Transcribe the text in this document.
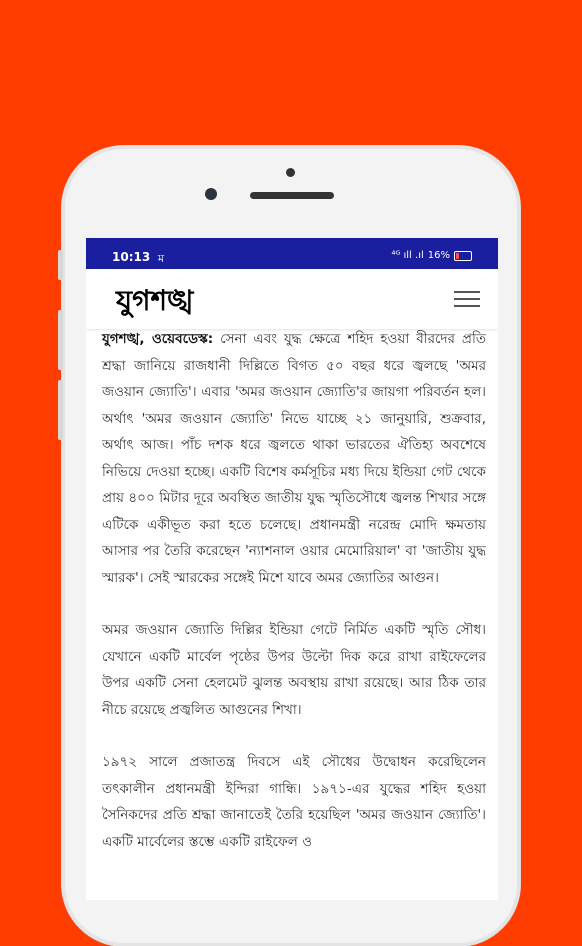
10:13 ম	⁴ᴳ ıll .ıl 16%
যুগশঙ্খ

যুগশঙ্খ, ওয়েবডেস্ক: সেনা এবং যুদ্ধ ক্ষেত্রে শহিদ হওয়া বীরদের প্রতি শ্রদ্ধা জানিয়ে রাজধানী দিল্লিতে বিগত ৫০ বছর ধরে জ্বলছে 'অমর জওয়ান জ্যোতি'। এবার 'অমর জওয়ান জ্যোতি'র জায়গা পরিবর্তন হল। অর্থাৎ 'অমর জওয়ান জ্যোতি' নিভে যাচ্ছে ২১ জানুয়ারি, শুক্রবার, অর্থাৎ আজ। পাঁচ দশক ধরে জ্বলতে থাকা ভারতের ঐতিহ্য অবশেষে নিভিয়ে দেওয়া হচ্ছে। একটি বিশেষ কর্মসূচির মধ্য দিয়ে ইন্ডিয়া গেট থেকে প্রায় ৪০০ মিটার দূরে অবস্থিত জাতীয় যুদ্ধ স্মৃতিসৌধে জ্বলন্ত শিখার সঙ্গে এটিকে একীভূত করা হতে চলেছে। প্রধানমন্ত্রী নরেন্দ্র মোদি ক্ষমতায় আসার পর তৈরি করেছেন 'ন্যাশনাল ওয়ার মেমোরিয়াল' বা 'জাতীয় যুদ্ধ স্মারক'। সেই স্মারকের সঙ্গেই মিশে যাবে অমর জ্যোতির আগুন।

অমর জওয়ান জ্যোতি দিল্লির ইন্ডিয়া গেটে নির্মিত একটি স্মৃতি সৌধ। যেখানে একটি মার্বেল পৃষ্ঠের উপর উল্টো দিক করে রাখা রাইফেলের উপর একটি সেনা হেলমেট ঝুলন্ত অবস্থায় রাখা রয়েছে। আর ঠিক তার নীচে রয়েছে প্রজ্বলিত আগুনের শিখা।

১৯৭২ সালে প্রজাতন্ত্র দিবসে এই সৌধের উদ্বোধন করেছিলেন তৎকালীন প্রধানমন্ত্রী ইন্দিরা গান্ধি। ১৯৭১-এর যুদ্ধের শহিদ হওয়া সৈনিকদের প্রতি শ্রদ্ধা জানাতেই তৈরি হয়েছিল 'অমর জওয়ান জ্যোতি'। একটি মার্বেলের স্তম্ভে একটি রাইফেল ও
